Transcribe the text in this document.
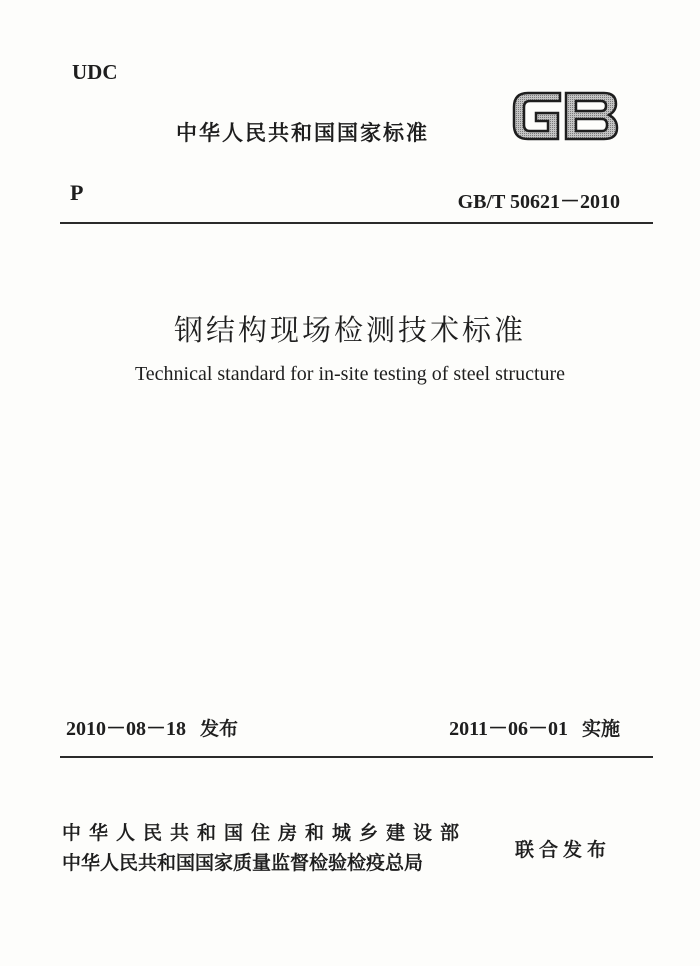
UDC
中华人民共和国国家标准
P	GB/T 50621－2010
钢结构现场检测技术标准
Technical standard for in-site testing of steel structure
2010－08－18 发布	2011－06－01 实施
中华人民共和国住房和城乡建设部
中华人民共和国国家质量监督检验检疫总局
联合发布
